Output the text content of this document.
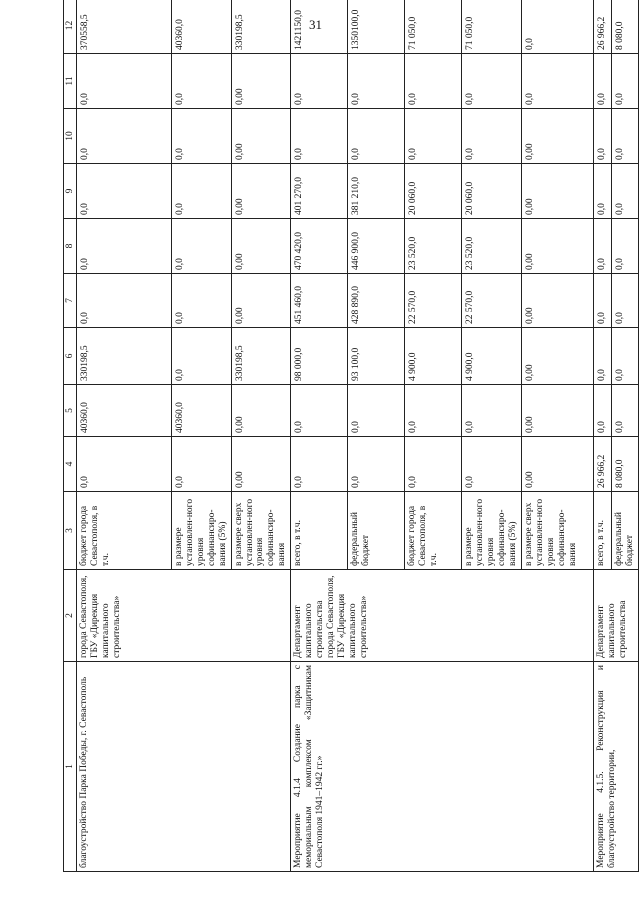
31
1	2	3	4	5	6	7	8	9	10	11	12
благоустройство Парка Победы, г. Севастополь	города Севастополя, ГБУ «Дирекция капитального строительства»	бюджет города Севастополя, в т.ч.	0,0	40360,0	330198,5	0,0	0,0	0,0	0,0	0,0	370558,5
		в размере установлен-ного уровня софинансиро-вания (5%)	0,0	40360,0	0,0	0,0	0,0	0,0	0,0	0,0	40360,0
		в размере сверх установлен-ного уровня софинансиро-вания	0,00	0,00	330198,5	0,00	0,00	0,00	0,00	0,00	330198,5
Мероприятие 4.1.4 Создание парка с мемориальным комплексом «Защитникам Севастополя 1941–1942 гг.»	Департамент капитального строительства города Севастополя, ГБУ «Дирекция капитального строительства»	всего, в т.ч.	0,0	0,0	98 000,0	451 460,0	470 420,0	401 270,0	0,0	0,0	1421150,0
		федеральный бюджет	0,0	0,0	93 100,0	428 890,0	446 900,0	381 210,0	0,0	0,0	1350100,0
		бюджет города Севастополя, в т.ч.	0,0	0,0	4 900,0	22 570,0	23 520,0	20 060,0	0,0	0,0	71 050,0
		в размере установлен-ного уровня софинансиро-вания (5%)	0,0	0,0	4 900,0	22 570,0	23 520,0	20 060,0	0,0	0,0	71 050,0
		в размере сверх установлен-ного уровня софинансиро-вания	0,00	0,00	0,00	0,00	0,00	0,00	0,00	0,0	0,0
Мероприятие 4.1.5. Реконструкция и благоустройство территории,	Департамент капитального строительства	всего, в т.ч.	26 966,2	0,0	0,0	0,0	0,0	0,0	0,0	0,0	26 966,2
		федеральный бюджет	8 080,0	0,0	0,0	0,0	0,0	0,0	0,0	0,0	8 080,0
